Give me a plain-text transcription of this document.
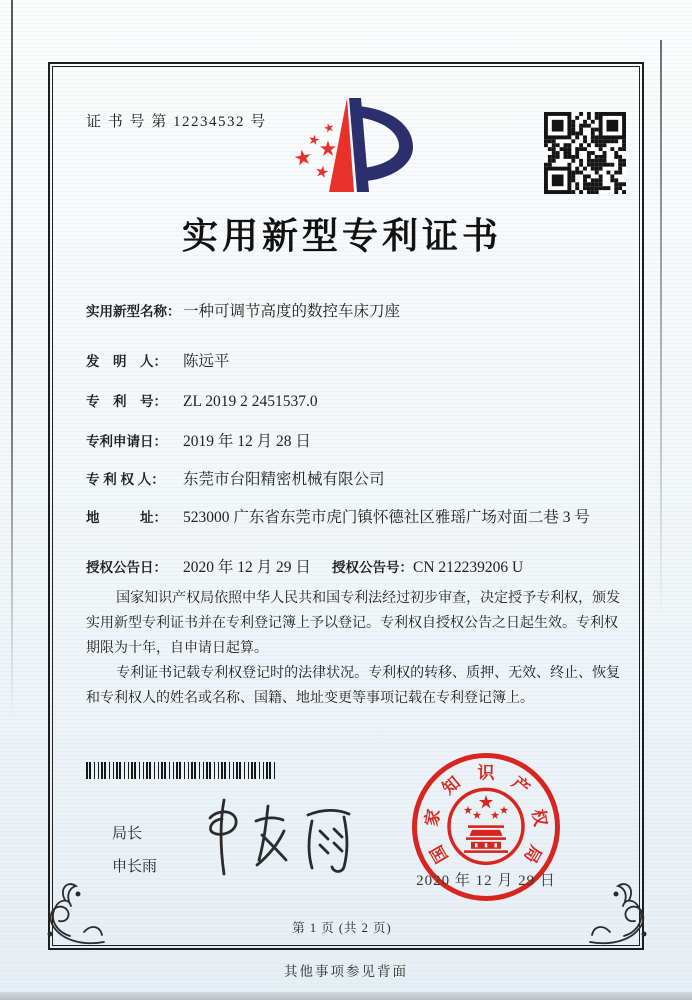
证 书 号 第 12234532 号
实用新型专利证书
实用新型名称： 一种可调节高度的数控车床刀座
发　明　人：	陈远平
专　利　号：	ZL 2019 2 2451537.0
专利申请日：	2019 年 12 月 28 日
专 利 权 人：	东莞市台阳精密机械有限公司
地　　　址：	523000 广东省东莞市虎门镇怀德社区雅瑶广场对面二巷 3 号
授权公告日：	2020 年 12 月 29 日 授权公告号： CN 212239206 U

国家知识产权局依照中华人民共和国专利法经过初步审查，决定授予专利权，颁发实用新型专利证书并在专利登记簿上予以登记。专利权自授权公告之日起生效。专利权期限为十年，自申请日起算。

专利证书记载专利权登记时的法律状况。专利权的转移、质押、无效、终止、恢复和专利权人的姓名或名称、国籍、地址变更等事项记载在专利登记簿上。

局长
申长雨
国
家
知 识 产
权
局
2020 年 12 月 29 日
第 1 页 (共 2 页)
其他事项参见背面
